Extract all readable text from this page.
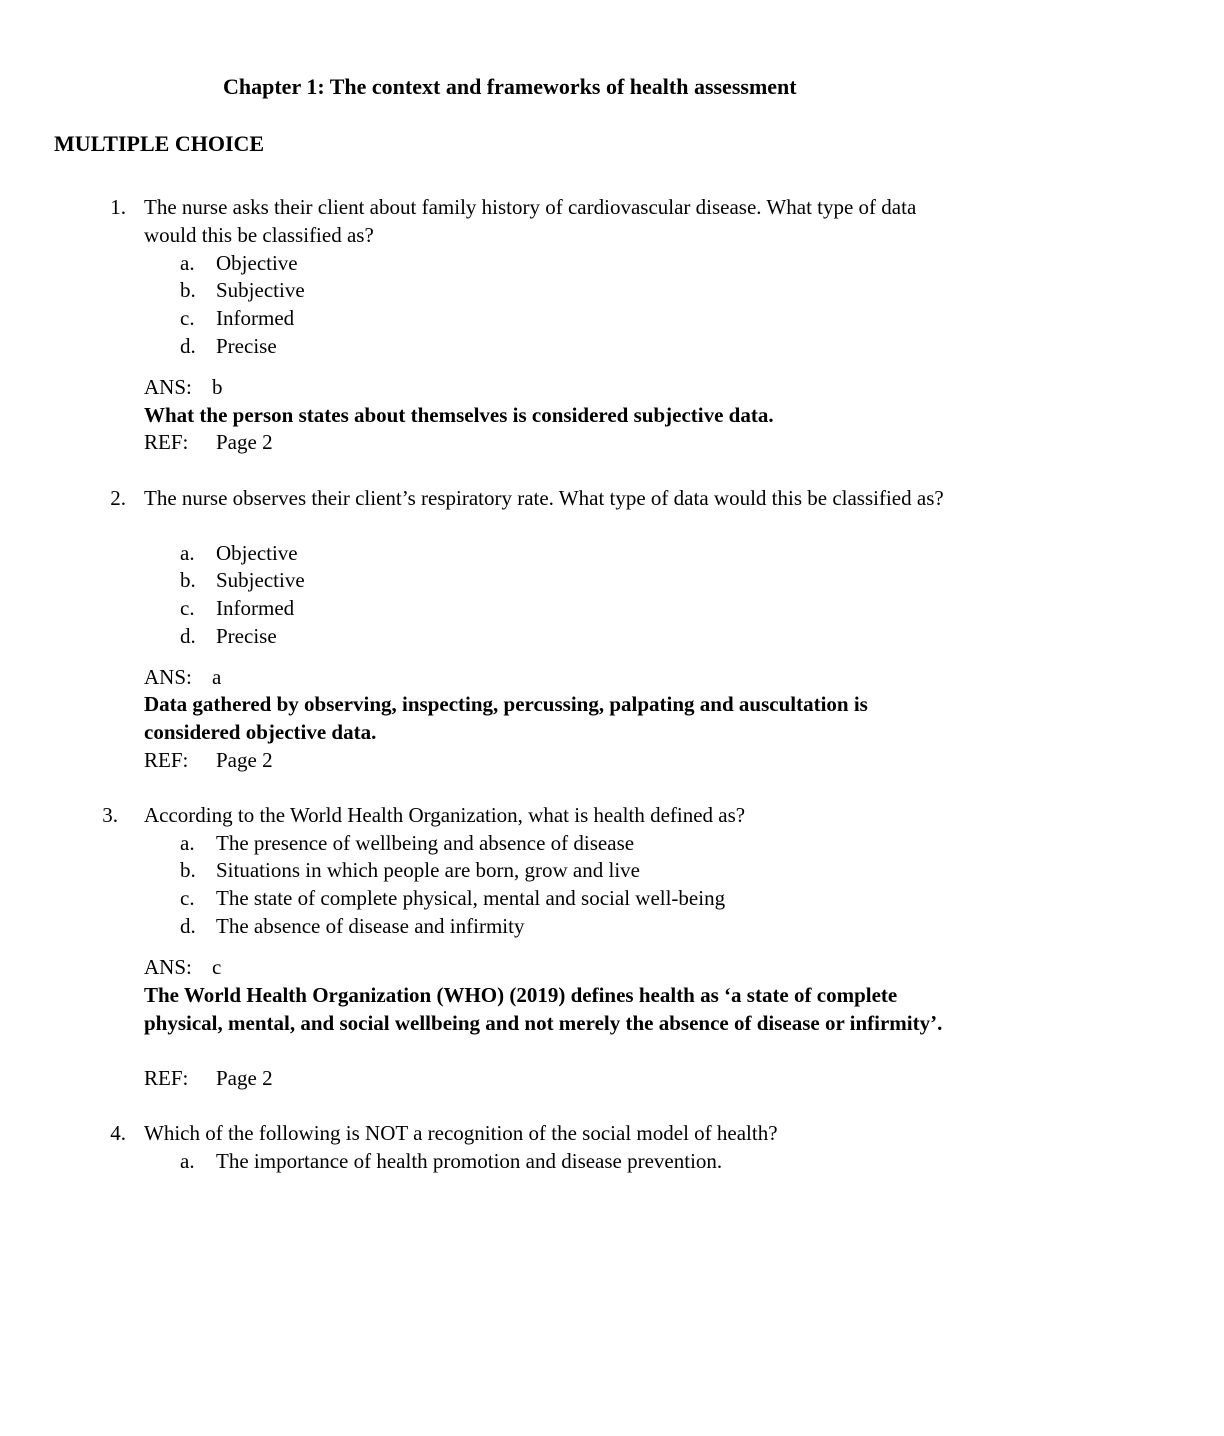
Chapter 1: The context and frameworks of health assessment
MULTIPLE CHOICE
1. The nurse asks their client about family history of cardiovascular disease. What type of data would this be classified as?
a.	Objective
b. Subjective
c.	Informed
d. Precise
ANS: b
What the person states about themselves is considered subjective data.
REF: Page 2
2. The nurse observes their client’s respiratory rate. What type of data would this be classified as?
a.	Objective
b. Subjective
c.	Informed
d. Precise
ANS: a
Data gathered by observing, inspecting, percussing, palpating and auscultation is considered objective data.
REF: Page 2
3. According to the World Health Organization, what is health defined as?
a.	The presence of wellbeing and absence of disease
b. Situations in which people are born, grow and live
c.	The state of complete physical, mental and social well-being
d. The absence of disease and infirmity
ANS: c
The World Health Organization (WHO) (2019) defines health as ‘a state of complete physical, mental, and social wellbeing and not merely the absence of disease or infirmity’.
REF: Page 2
4. Which of the following is NOT a recognition of the social model of health?
a.	The importance of health promotion and disease prevention.
